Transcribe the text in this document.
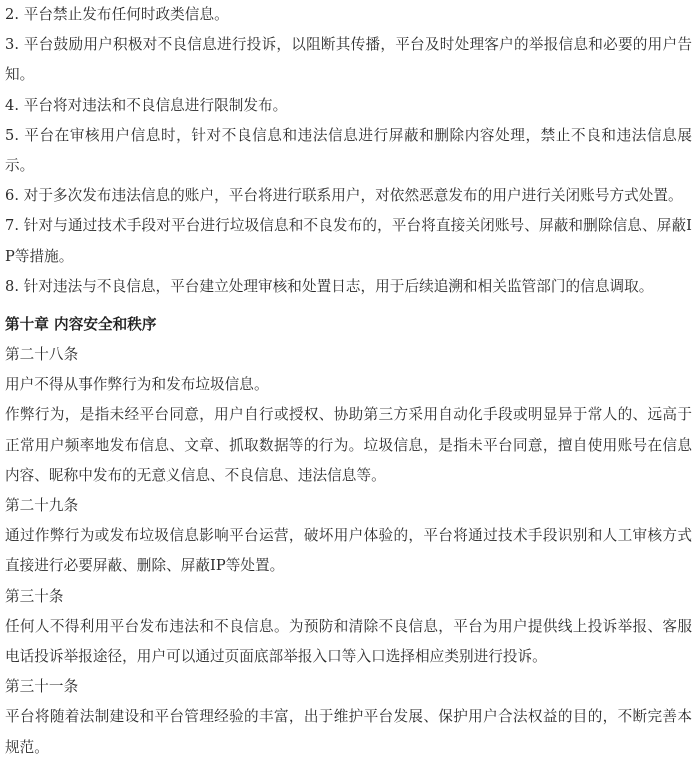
2. 平台禁止发布任何时政类信息。

3. 平台鼓励用户积极对不良信息进行投诉，以阻断其传播，平台及时处理客户的举报信息和必要的用户告知。

4. 平台将对违法和不良信息进行限制发布。

5. 平台在审核用户信息时，针对不良信息和违法信息进行屏蔽和删除内容处理，禁止不良和违法信息展示。

6. 对于多次发布违法信息的账户，平台将进行联系用户，对依然恶意发布的用户进行关闭账号方式处置。

7. 针对与通过技术手段对平台进行垃圾信息和不良发布的，平台将直接关闭账号、屏蔽和删除信息、屏蔽IP等措施。

8. 针对违法与不良信息，平台建立处理审核和处置日志，用于后续追溯和相关监管部门的信息调取。

第十章 内容安全和秩序

第二十八条

用户不得从事作弊行为和发布垃圾信息。

作弊行为，是指未经平台同意，用户自行或授权、协助第三方采用自动化手段或明显异于常人的、远高于正常用户频率地发布信息、文章、抓取数据等的行为。垃圾信息，是指未平台同意，擅自使用账号在信息内容、昵称中发布的无意义信息、不良信息、违法信息等。

第二十九条

通过作弊行为或发布垃圾信息影响平台运营，破坏用户体验的，平台将通过技术手段识别和人工审核方式直接进行必要屏蔽、删除、屏蔽IP等处置。

第三十条

任何人不得利用平台发布违法和不良信息。为预防和清除不良信息，平台为用户提供线上投诉举报、客服电话投诉举报途径，用户可以通过页面底部举报入口等入口选择相应类别进行投诉。

第三十一条

平台将随着法制建设和平台管理经验的丰富，出于维护平台发展、保护用户合法权益的目的，不断完善本规范。
